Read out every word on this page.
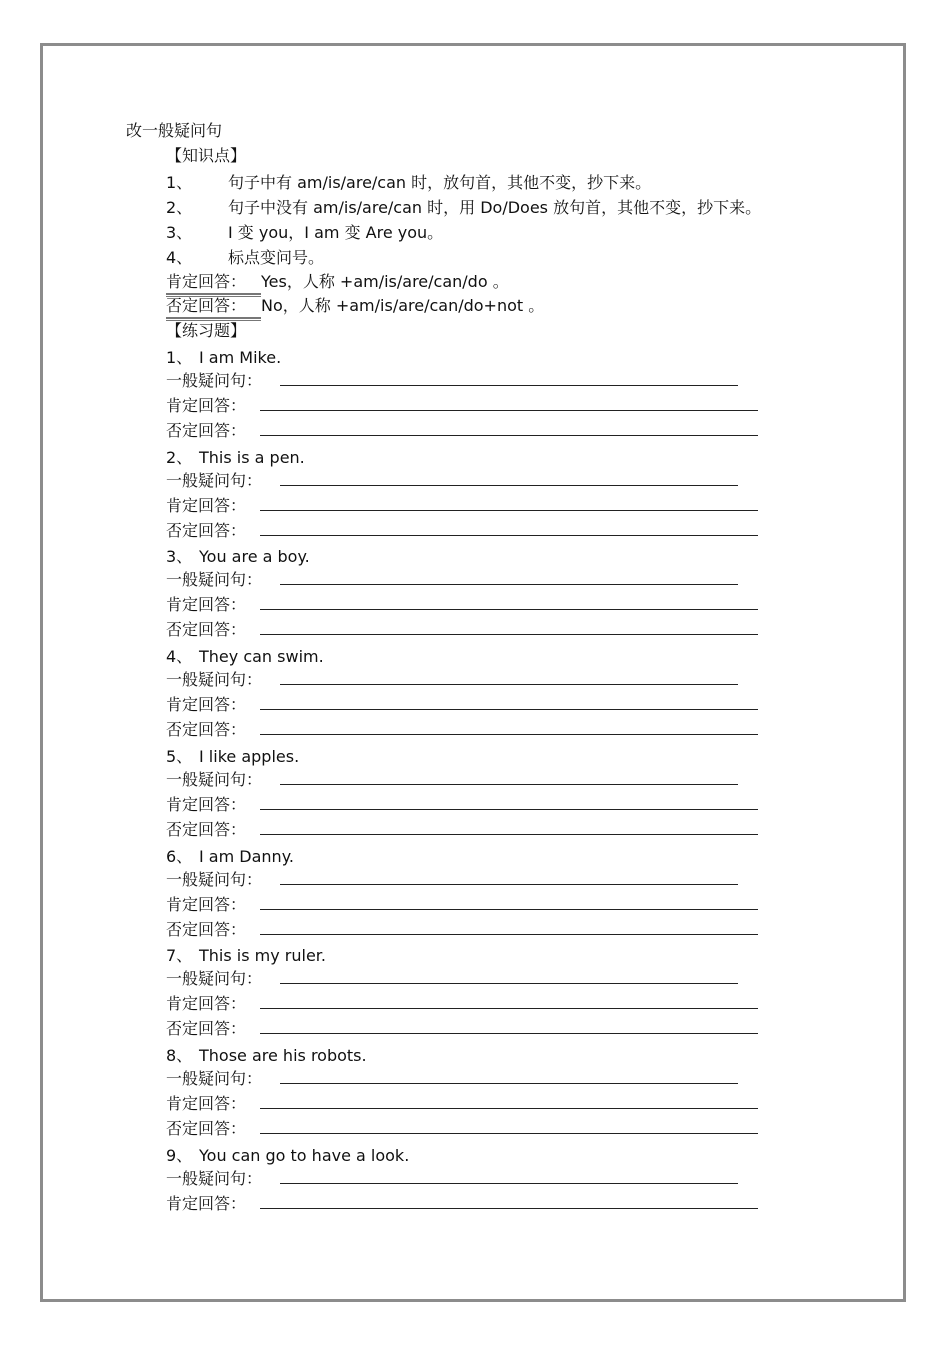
改一般疑问句
【知识点】
1、 句子中有 am/is/are/can 时，放句首，其他不变，抄下来。
2、 句子中没有 am/is/are/can 时，用 Do/Does 放句首，其他不变，抄下来。
3、 I 变 you，I am 变 Are you。
4、 标点变问号。
肯定回答： Yes，人称 +am/is/are/can/do 。
否定回答： No，人称 +am/is/are/can/do+not 。
【练习题】
1、 I am Mike.
一般疑问句：
肯定回答：
否定回答：
2、 This is a pen.
一般疑问句：
肯定回答：
否定回答：
3、 You are a boy.
一般疑问句：
肯定回答：
否定回答：
4、 They can swim.
一般疑问句：
肯定回答：
否定回答：
5、 I like apples.
一般疑问句：
肯定回答：
否定回答：
6、 I am Danny.
一般疑问句：
肯定回答：
否定回答：
7、 This is my ruler.
一般疑问句：
肯定回答：
否定回答：
8、 Those are his robots.
一般疑问句：
肯定回答：
否定回答：
9、 You can go to have a look.
一般疑问句：
肯定回答：
